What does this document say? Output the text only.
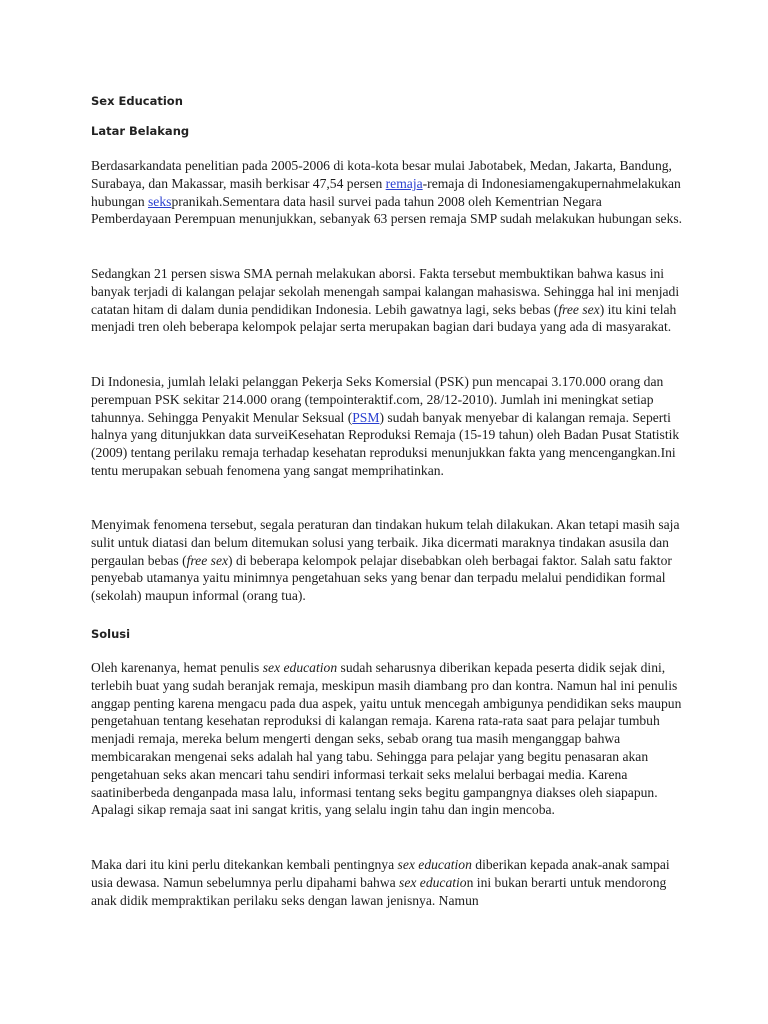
Sex Education

Latar Belakang

Berdasarkandata penelitian pada 2005-2006 di kota-kota besar mulai Jabotabek, Medan, Jakarta, Bandung, Surabaya, dan Makassar, masih berkisar 47,54 persen remaja-remaja di Indonesiamengakupernahmelakukan hubungan sekspranikah.Sementara data hasil survei pada tahun 2008 oleh Kementrian Negara Pemberdayaan Perempuan menunjukkan, sebanyak 63 persen remaja SMP sudah melakukan hubungan seks.

Sedangkan 21 persen siswa SMA pernah melakukan aborsi. Fakta tersebut membuktikan bahwa kasus ini banyak terjadi di kalangan pelajar sekolah menengah sampai kalangan mahasiswa. Sehingga hal ini menjadi catatan hitam di dalam dunia pendidikan Indonesia. Lebih gawatnya lagi, seks bebas (free sex) itu kini telah menjadi tren oleh beberapa kelompok pelajar serta merupakan bagian dari budaya yang ada di masyarakat.

Di Indonesia, jumlah lelaki pelanggan Pekerja Seks Komersial (PSK) pun mencapai 3.170.000 orang dan perempuan PSK sekitar 214.000 orang (tempointeraktif.com, 28/12-2010). Jumlah ini meningkat setiap tahunnya. Sehingga Penyakit Menular Seksual (PSM) sudah banyak menyebar di kalangan remaja. Seperti halnya yang ditunjukkan data surveiKesehatan Reproduksi Remaja (15-19 tahun) oleh Badan Pusat Statistik (2009) tentang perilaku remaja terhadap kesehatan reproduksi menunjukkan fakta yang mencengangkan.Ini tentu merupakan sebuah fenomena yang sangat memprihatinkan.

Menyimak fenomena tersebut, segala peraturan dan tindakan hukum telah dilakukan. Akan tetapi masih saja sulit untuk diatasi dan belum ditemukan solusi yang terbaik. Jika dicermati maraknya tindakan asusila dan pergaulan bebas (free sex) di beberapa kelompok pelajar disebabkan oleh berbagai faktor. Salah satu faktor penyebab utamanya yaitu minimnya pengetahuan seks yang benar dan terpadu melalui pendidikan formal (sekolah) maupun informal (orang tua).

Solusi

Oleh karenanya, hemat penulis sex education sudah seharusnya diberikan kepada peserta didik sejak dini, terlebih buat yang sudah beranjak remaja, meskipun masih diambang pro dan kontra. Namun hal ini penulis anggap penting karena mengacu pada dua aspek, yaitu untuk mencegah ambigunya pendidikan seks maupun pengetahuan tentang kesehatan reproduksi di kalangan remaja. Karena rata-rata saat para pelajar tumbuh menjadi remaja, mereka belum mengerti dengan seks, sebab orang tua masih menganggap bahwa membicarakan mengenai seks adalah hal yang tabu. Sehingga para pelajar yang begitu penasaran akan pengetahuan seks akan mencari tahu sendiri informasi terkait seks melalui berbagai media. Karena saatiniberbeda denganpada masa lalu, informasi tentang seks begitu gampangnya diakses oleh siapapun. Apalagi sikap remaja saat ini sangat kritis, yang selalu ingin tahu dan ingin mencoba.

Maka dari itu kini perlu ditekankan kembali pentingnya sex education diberikan kepada anak-anak sampai usia dewasa. Namun sebelumnya perlu dipahami bahwa sex education ini bukan berarti untuk mendorong anak didik mempraktikan perilaku seks dengan lawan jenisnya. Namun
